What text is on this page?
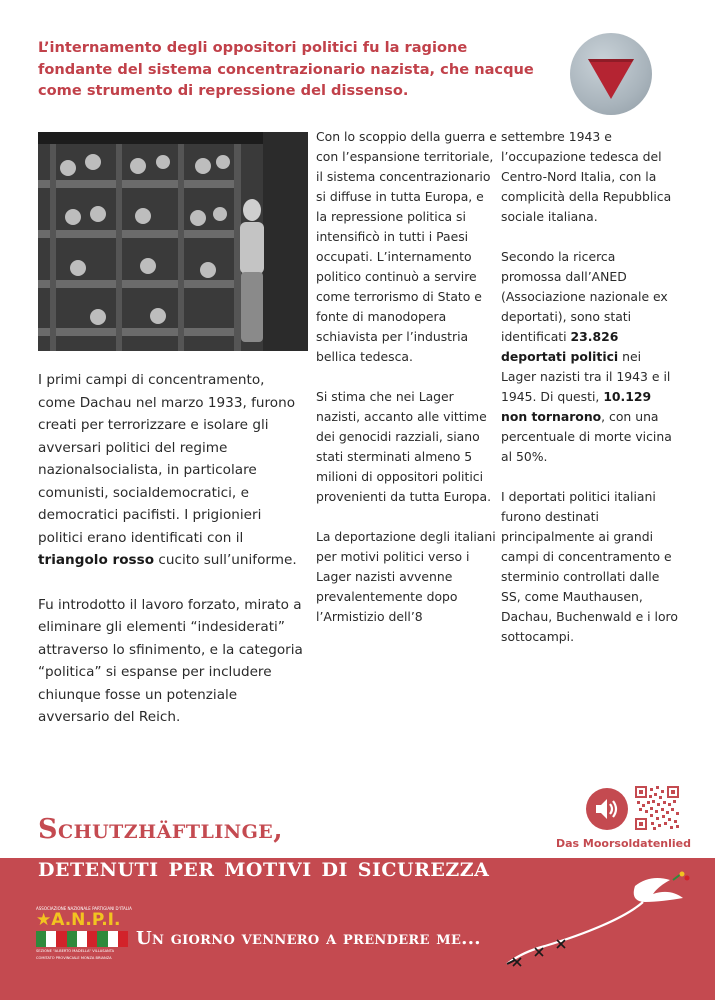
L’internamento degli oppositori politici fu la ragione fondante del sistema concentrazionario nazista, che nacque come strumento di repressione del dissenso.

I primi campi di concentramento, come Dachau nel marzo 1933, furono creati per terrorizzare e isolare gli avversari politici del regime nazionalsocialista, in particolare comunisti, socialdemocratici, e democratici pacifisti. I prigionieri politici erano identificati con il triangolo rosso cucito sull’uniforme.

Fu introdotto il lavoro forzato, mirato a eliminare gli elementi “indesiderati” attraverso lo sfinimento, e la categoria “politica” si espanse per includere chiunque fosse un potenziale avversario del Reich.

Con lo scoppio della guerra e con l’espansione territoriale, il sistema concentrazionario si diffuse in tutta Europa, e la repressione politica si intensificò in tutti i Paesi occupati. L’internamento politico continuò a servire come terrorismo di Stato e fonte di manodopera schiavista per l’industria bellica tedesca.

Si stima che nei Lager nazisti, accanto alle vittime dei genocidi razziali, siano stati sterminati almeno 5 milioni di oppositori politici provenienti da tutta Europa.

La deportazione degli italiani per motivi politici verso i Lager nazisti avvenne prevalentemente dopo l’Armistizio dell’8

settembre 1943 e l’occupazione tedesca del Centro-Nord Italia, con la complicità della Repubblica sociale italiana.

Secondo la ricerca promossa dall’ANED (Associazione nazionale ex deportati), sono stati identificati 23.826 deportati politici nei Lager nazisti tra il 1943 e il 1945. Di questi, 10.129 non tornarono, con una percentuale di morte vicina al 50%.

I deportati politici italiani furono destinati principalmente ai grandi campi di concentramento e sterminio controllati dalle SS, come Mauthausen, Dachau, Buchenwald e i loro sottocampi.

Das Moorsoldatenlied
Schutzhäftlinge,
detenuti per motivi di sicurezza
ASSOCIAZIONE NAZIONALE PARTIGIANI D'ITALIA
★A.N.P.I.
SEZIONE "ALBERTO MADELLA" VILLASANTA
COMITATO PROVINCIALE MONZA BRIANZA
Un giorno vennero a prendere me...
